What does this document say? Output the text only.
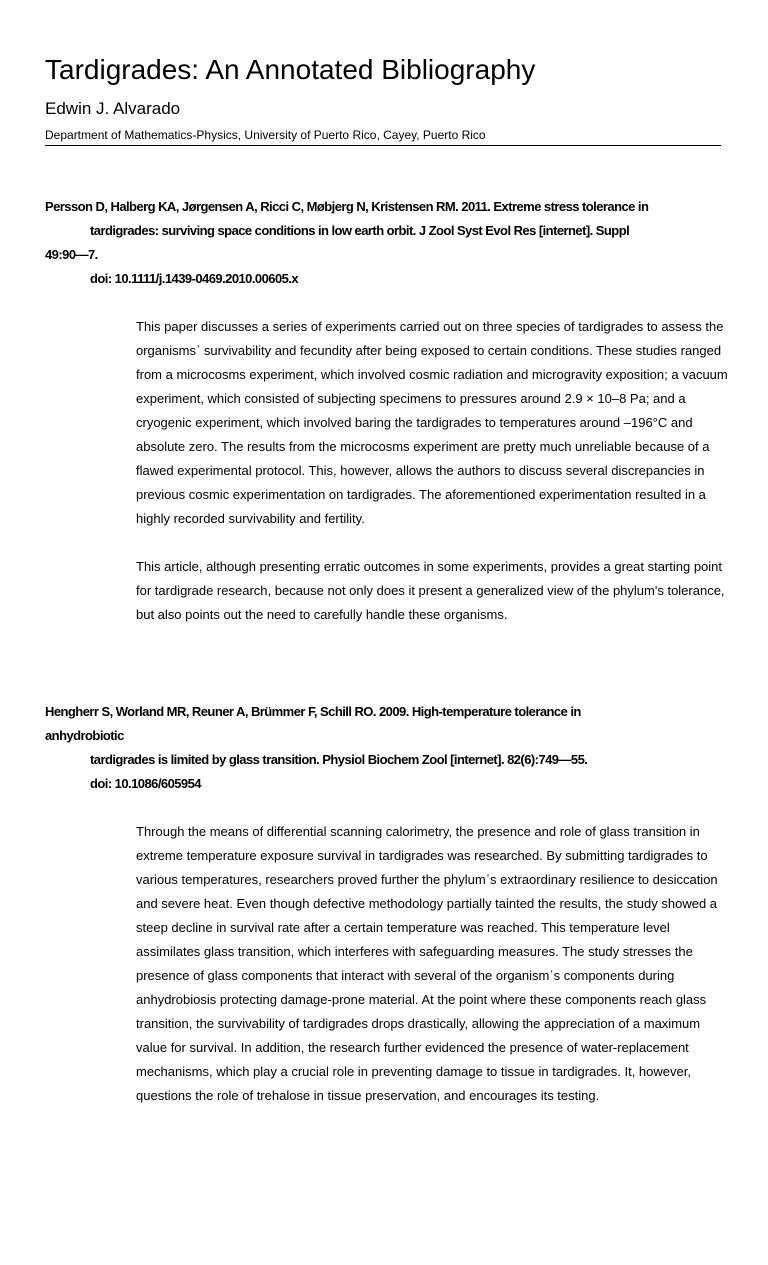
Tardigrades: An Annotated Bibliography
Edwin J. Alvarado
Department of Mathematics-Physics, University of Puerto Rico, Cayey, Puerto Rico
Persson D, Halberg KA, Jørgensen A, Ricci C, Møbjerg N, Kristensen RM. 2011. Extreme stress tolerance in
tardigrades: surviving space conditions in low earth orbit. J Zool Syst Evol Res [internet]. Suppl
49:90—7.
doi: 10.1111/j.1439-0469.2010.00605.x

This paper discusses a series of experiments carried out on three species of tardigrades to assess the organisms᾽ survivability and fecundity after being exposed to certain conditions. These studies ranged from a microcosms experiment, which involved cosmic radiation and microgravity exposition; a vacuum experiment, which consisted of subjecting specimens to pressures around 2.9 × 10–8 Pa; and a cryogenic experiment, which involved baring the tardigrades to temperatures around –196°C and absolute zero. The results from the microcosms experiment are pretty much unreliable because of a flawed experimental protocol. This, however, allows the authors to discuss several discrepancies in previous cosmic experimentation on tardigrades. The aforementioned experimentation resulted in a highly recorded survivability and fertility.

This article, although presenting erratic outcomes in some experiments, provides a great starting point for tardigrade research, because not only does it present a generalized view of the phylum's tolerance, but also points out the need to carefully handle these organisms.

Hengherr S, Worland MR, Reuner A, Brümmer F, Schill RO. 2009. High-temperature tolerance in
anhydrobiotic
tardigrades is limited by glass transition. Physiol Biochem Zool [internet]. 82(6):749—55.
doi: 10.1086/605954

Through the means of differential scanning calorimetry, the presence and role of glass transition in extreme temperature exposure survival in tardigrades was researched. By submitting tardigrades to various temperatures, researchers proved further the phylum᾽s extraordinary resilience to desiccation and severe heat. Even though defective methodology partially tainted the results, the study showed a steep decline in survival rate after a certain temperature was reached. This temperature level assimilates glass transition, which interferes with safeguarding measures. The study stresses the presence of glass components that interact with several of the organism᾽s components during anhydrobiosis protecting damage-prone material. At the point where these components reach glass transition, the survivability of tardigrades drops drastically, allowing the appreciation of a maximum value for survival. In addition, the research further evidenced the presence of water-replacement mechanisms, which play a crucial role in preventing damage to tissue in tardigrades. It, however, questions the role of trehalose in tissue preservation, and encourages its testing.
